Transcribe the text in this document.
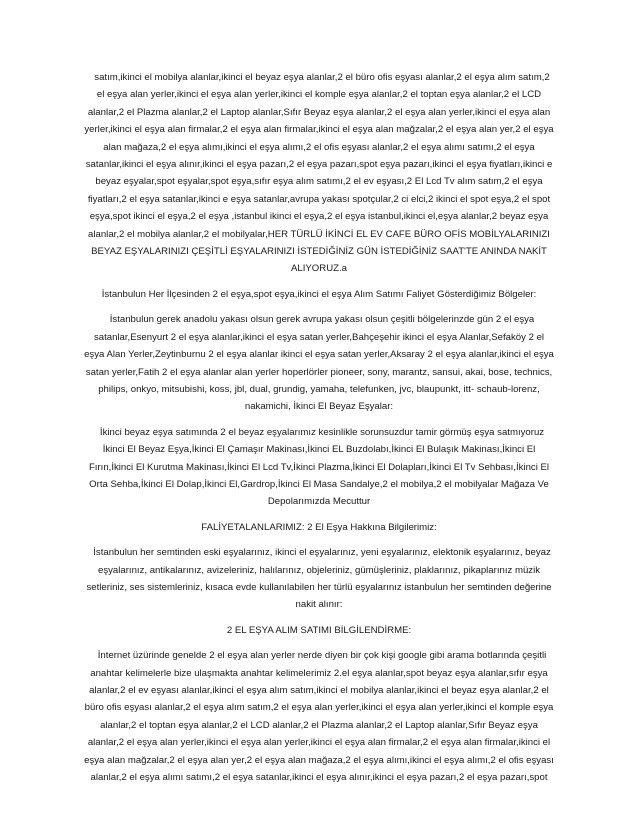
satım,ikinci el mobilya alanlar,ikinci el beyaz eşya alanlar,2 el büro ofis eşyası alanlar,2 el eşya alım satım,2 el eşya alan yerler,ikinci el eşya alan yerler,ikinci el komple eşya alanlar,2 el toptan eşya alanlar,2 el LCD alanlar,2 el Plazma alanlar,2 el Laptop alanlar,Sıfır Beyaz eşya alanlar,2 el eşya alan yerler,ikinci el eşya alan yerler,ikinci el eşya alan firmalar,2 el eşya alan firmalar,ikinci el eşya alan mağzalar,2 el eşya alan yer,2 el eşya alan mağaza,2 el eşya alımı,ikinci el eşya alımı,2 el ofis eşyası alanlar,2 el eşya alımı satımı,2 el eşya satanlar,ikinci el eşya alınır,ikinci el eşya pazarı,2 el eşya pazarı,spot eşya pazarı,ikinci el eşya fiyatları,ikinci e beyaz eşyalar,spot eşyalar,spot eşya,sıfır eşya alım satımı,2 el ev eşyası,2 El Lcd Tv alım satım,2 el eşya fiyatları,2 el eşya satanlar,ikinci e eşya satanlar,avrupa yakası spotçular,2 ci elci,2 ikinci el spot eşya,2 el spot eşya,spot ikinci el eşya,2 el eşya ,istanbul ikinci el eşya,2 el eşya istanbul,ikinci el,eşya alanlar,2 beyaz eşya alanlar,2 el mobilya alanlar,2 el mobilyalar,HER TÜRLÜ İKİNCİ EL EV CAFE BÜRO OFİS MOBİLYALARINIZI BEYAZ EŞYALARINIZI ÇEŞİTLİ EŞYALARINIZI İSTEDİĞİNİZ GÜN İSTEDİĞİNİZ SAAT'TE ANINDA NAKİT ALIYORUZ.a

İstanbulun Her İlçesinden 2 el eşya,spot eşya,ikinci el eşya Alım Satımı Faliyet Gösterdiğimiz Bölgeler:

İstanbulun gerek anadolu yakası olsun gerek avrupa yakası olsun çeşitli bölgelerinzde gün 2 el eşya satanlar,Esenyurt 2 el eşya alanlar,ikinci el eşya satan yerler,Bahçeşehir ikinci el eşya Alanlar,Sefaköy 2 el eşya Alan Yerler,Zeytinburnu 2 el eşya alanlar ikinci el eşya satan yerler,Aksaray 2 el eşya alanlar,ikinci el eşya satan yerler,Fatih 2 el eşya alanlar alan yerler hoperlörler pioneer, sony, marantz, sansui, akai, bose, technics, philips, onkyo, mitsubishi, koss, jbl, dual, grundig, yamaha, telefunken, jvc, blaupunkt, itt- schaub-lorenz, nakamichi, İkinci El Beyaz Eşyalar:

İkinci beyaz eşya satımında 2 el beyaz eşyalarımız kesinlikle sorunsuzdur tamir görmüş eşya satmıyoruz İkinci El Beyaz Eşya,İkinci El Çamaşır Makinası,İkinci EL Buzdolabı,İkinci El Bulaşık Makinası,İkinci El Fırın,İkinci El Kurutma Makinası,İkinci El Lcd Tv,İkinci Plazma,İkinci El Dolapları,İkinci El Tv Sehbası,İkinci El Orta Sehba,İkinci El Dolap,İkinci El,Gardrop,İkinci El Masa Sandalye,2 el mobilya,2 el mobilyalar Mağaza Ve Depolarımızda Mecuttur

FALİYETALANLARIMIZ: 2 El Eşya Hakkına Bilgilerimiz:

İstanbulun her semtinden eski eşyalarınız, ikinci el eşyalarınız, yeni eşyalarınız, elektonik eşyalarınız, beyaz eşyalarınız, antikalarınız, avizeleriniz, halılarınız, objeleriniz, gümüşleriniz, plaklarınız, pikaplarınız müzik setleriniz, ses sistemleriniz, kısaca evde kullanılabilen her türlü eşyalarınız istanbulun her semtinden değerine nakit alınır:

2 EL EŞYA ALIM SATIMI BİLGİLENDİRME:

İnternet üzürinde genelde 2 el eşya alan yerler nerde diyen bir çok kişi google gibi arama botlarında çeşitli anahtar kelimelerle bize ulaşmakta anahtar kelimelerimiz 2.el eşya alanlar,spot beyaz eşya alanlar,sıfır eşya alanlar,2 el ev eşyası alanlar,ikinci el eşya alım satım,ikinci el mobilya alanlar,ikinci el beyaz eşya alanlar,2 el büro ofis eşyası alanlar,2 el eşya alım satım,2 el eşya alan yerler,ikinci el eşya alan yerler,ikinci el komple eşya alanlar,2 el toptan eşya alanlar,2 el LCD alanlar,2 el Plazma alanlar,2 el Laptop alanlar,Sıfır Beyaz eşya alanlar,2 el eşya alan yerler,ikinci el eşya alan yerler,ikinci el eşya alan firmalar,2 el eşya alan firmalar,ikinci el eşya alan mağzalar,2 el eşya alan yer,2 el eşya alan mağaza,2 el eşya alımı,ikinci el eşya alımı,2 el ofis eşyası alanlar,2 el eşya alımı satımı,2 el eşya satanlar,ikinci el eşya alınır,ikinci el eşya pazarı,2 el eşya pazarı,spot
